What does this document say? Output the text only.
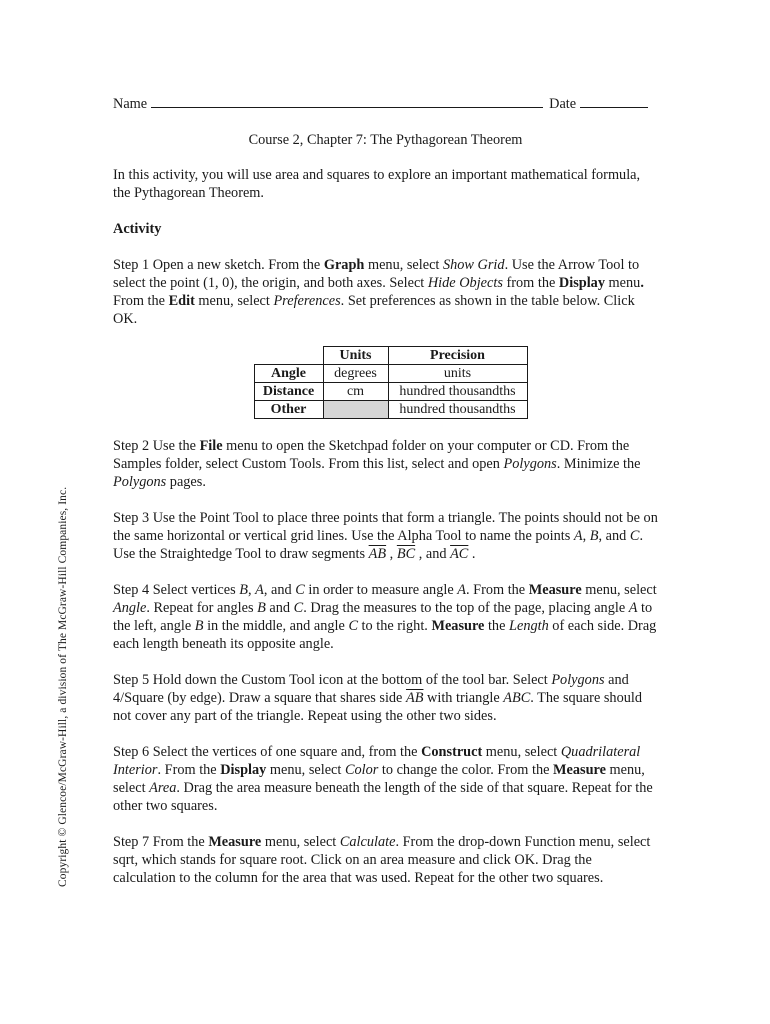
Copyright © Glencoe/McGraw-Hill, a division of The McGraw-Hill Companies, Inc.
Name	Date
Course 2, Chapter 7: The Pythagorean Theorem

In this activity, you will use area and squares to explore an important mathematical formula, the Pythagorean Theorem.

Activity

Step 1 Open a new sketch. From the Graph menu, select Show Grid. Use the Arrow Tool to select the point (1, 0), the origin, and both axes. Select Hide Objects from the Display menu. From the Edit menu, select Preferences. Set preferences as shown in the table below. Click OK.

	Units	Precision
Angle	degrees	units
Distance	cm	hundred thousandths
Other		hundred thousandths

Step 2 Use the File menu to open the Sketchpad folder on your computer or CD. From the Samples folder, select Custom Tools. From this list, select and open Polygons. Minimize the Polygons pages.

Step 3 Use the Point Tool to place three points that form a triangle. The points should not be on the same horizontal or vertical grid lines. Use the Alpha Tool to name the points A, B, and C. Use the Straightedge Tool to draw segments $\overline{AB}$ , $\overline{BC}$ , and $\overline{AC}$ .

Step 4 Select vertices B, A, and C in order to measure angle A. From the Measure menu, select Angle. Repeat for angles B and C. Drag the measures to the top of the page, placing angle A to the left, angle B in the middle, and angle C to the right. Measure the Length of each side. Drag each length beneath its opposite angle.

Step 5 Hold down the Custom Tool icon at the bottom of the tool bar. Select Polygons and 4/Square (by edge). Draw a square that shares side $\overline{AB}$ with triangle ABC. The square should not cover any part of the triangle. Repeat using the other two sides.

Step 6 Select the vertices of one square and, from the Construct menu, select Quadrilateral Interior. From the Display menu, select Color to change the color. From the Measure menu, select Area. Drag the area measure beneath the length of the side of that square. Repeat for the other two squares.

Step 7 From the Measure menu, select Calculate. From the drop-down Function menu, select sqrt, which stands for square root. Click on an area measure and click OK. Drag the calculation to the column for the area that was used. Repeat for the other two squares.
